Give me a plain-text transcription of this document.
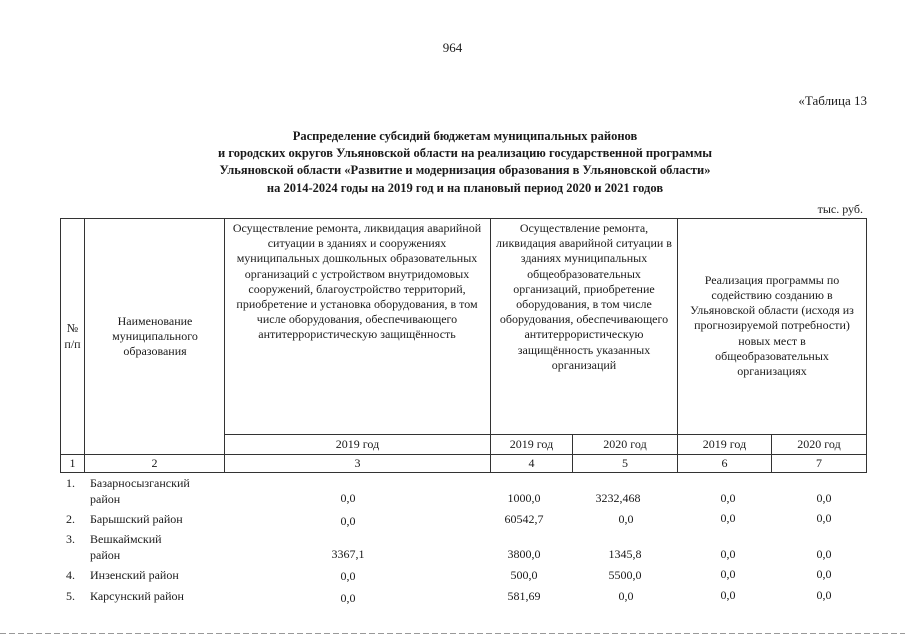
964
«Таблица 13
Распределение субсидий бюджетам муниципальных районов
и городских округов Ульяновской области на реализацию государственной программы
Ульяновской области «Развитие и модернизация образования в Ульяновской области»
на 2014-2024 годы на 2019 год и на плановый период 2020 и 2021 годов
тыс. руб.
№ п/п
Наименование муниципального образования
Осуществление ремонта, ликвидация аварийной ситуации в зданиях и сооружениях муниципальных дошкольных образовательных организаций с устройством внутридомовых сооружений, благоустройство территорий, приобретение и установка оборудования, в том числе оборудования, обеспечивающего антитеррористическую защищённость
Осуществление ремонта, ликвидация аварийной ситуации в зданиях муниципальных общеобразовательных организаций, приобретение оборудования, в том числе оборудования, обеспечивающего антитеррористическую защищённость указанных организаций
Реализация программы по содействию созданию в Ульяновской области (исходя из прогнозируемой потребности) новых мест в общеобразовательных организациях
2019 год	2019 год	2020 год	2019 год	2020 год
1	2	3	4	5	6	7
1. Базарносызганский
район	0,0	1000,0	3232,468	0,0	0,0
2. Барышский район	0,0	60542,7	0,0	0,0	0,0
3. Вешкаймский
район	3367,1	3800,0	1345,8	0,0	0,0
4. Инзенский район	0,0	500,0	5500,0	0,0	0,0
5. Карсунский район	0,0	581,69	0,0	0,0	0,0
